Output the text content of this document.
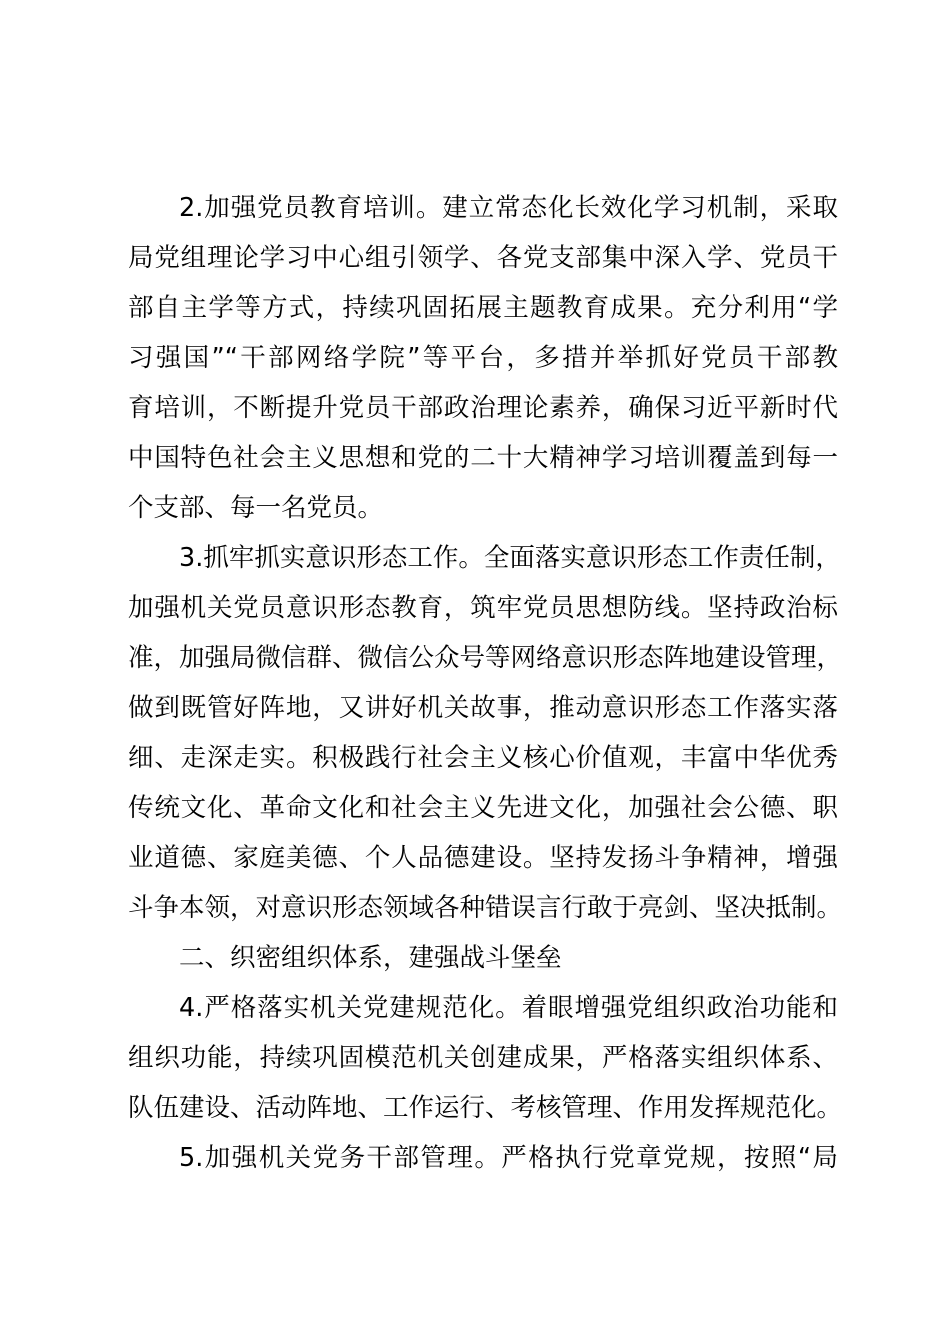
2.加强党员教育培训。建立常态化长效化学习机制，采取

局党组理论学习中心组引领学、各党支部集中深入学、党员干

部自主学等方式，持续巩固拓展主题教育成果。充分利用“学

习强国”“干部网络学院”等平台，多措并举抓好党员干部教

育培训，不断提升党员干部政治理论素养，确保习近平新时代

中国特色社会主义思想和党的二十大精神学习培训覆盖到每一

个支部、每一名党员。

3.抓牢抓实意识形态工作。全面落实意识形态工作责任制，

加强机关党员意识形态教育，筑牢党员思想防线。坚持政治标

准，加强局微信群、微信公众号等网络意识形态阵地建设管理，

做到既管好阵地，又讲好机关故事，推动意识形态工作落实落

细、走深走实。积极践行社会主义核心价值观，丰富中华优秀

传统文化、革命文化和社会主义先进文化，加强社会公德、职

业道德、家庭美德、个人品德建设。坚持发扬斗争精神，增强

斗争本领，对意识形态领域各种错误言行敢于亮剑、坚决抵制。

二、织密组织体系，建强战斗堡垒

4.严格落实机关党建规范化。着眼增强党组织政治功能和

组织功能，持续巩固模范机关创建成果，严格落实组织体系、

队伍建设、活动阵地、工作运行、考核管理、作用发挥规范化。

5.加强机关党务干部管理。严格执行党章党规，按照“局
